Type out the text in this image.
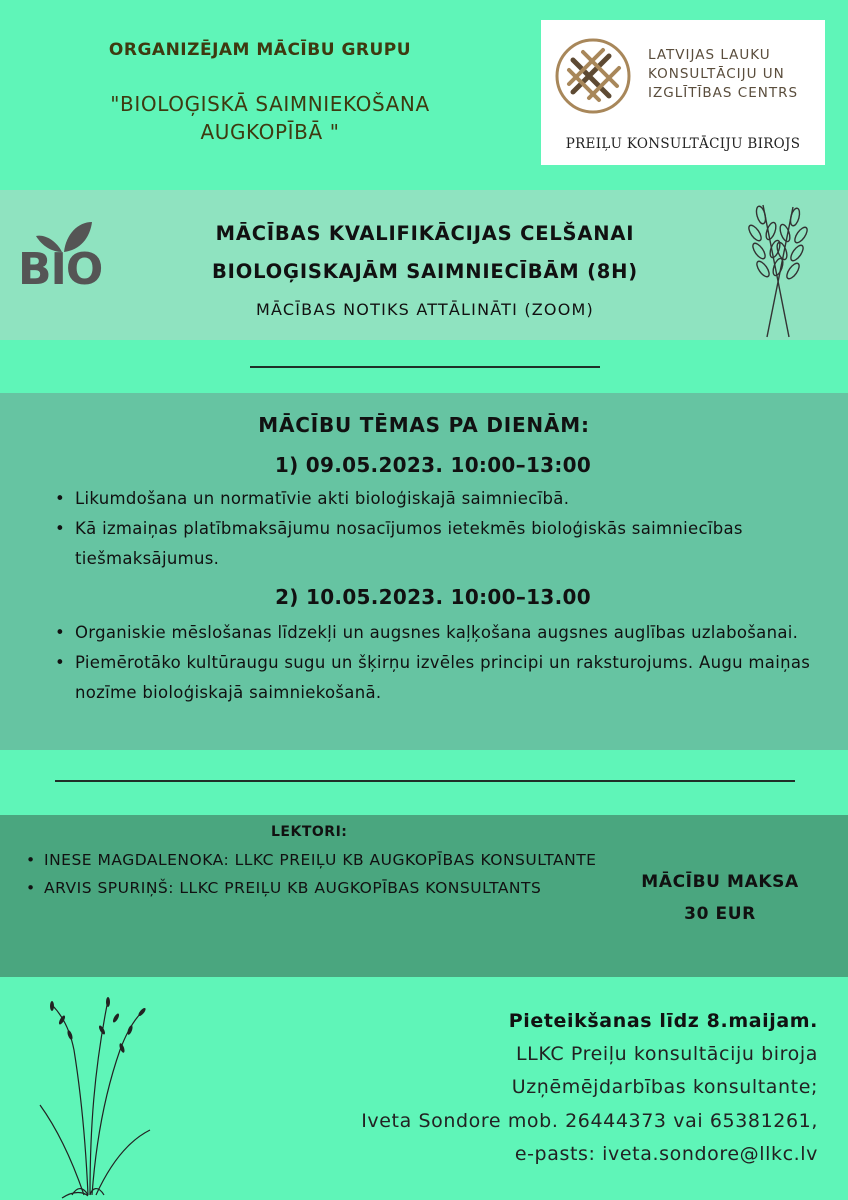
ORGANIZĒJAM MĀCĪBU GRUPU
"BIOLOĢISKĀ SAIMNIEKOŠANA
AUGKOPĪBĀ "
LATVIJAS LAUKU
KONSULTĀCIJU UN
IZGLĪTĪBAS CENTRS
PREIĻU KONSULTĀCIJU BIROJS
BIO
MĀCĪBAS KVALIFIKĀCIJAS CELŠANAI
BIOLOĢISKAJĀM SAIMNIECĪBĀM (8H)
MĀCĪBAS NOTIKS ATTĀLINĀTI (ZOOM)
MĀCĪBU TĒMAS PA DIENĀM:
1) 09.05.2023. 10:00–13:00
• Likumdošana un normatīvie akti bioloģiskajā saimniecībā.
• Kā izmaiņas platībmaksājumu nosacījumos ietekmēs bioloģiskās saimniecības tiešmaksājumus.
2) 10.05.2023. 10:00–13.00
• Organiskie mēslošanas līdzekļi un augsnes kaļķošana augsnes auglības uzlabošanai.
• Piemērotāko kultūraugu sugu un šķirņu izvēles principi un raksturojums. Augu maiņas nozīme bioloģiskajā saimniekošanā.
LEKTORI:
• INESE MAGDALENOKA: LLKC PREIĻU KB AUGKOPĪBAS KONSULTANTE
• ARVIS SPURIŅŠ: LLKC PREIĻU KB AUGKOPĪBAS KONSULTANTS	MĀCĪBU MAKSA
30 EUR
Pieteikšanas līdz 8.maijam.
LLKC Preiļu konsultāciju biroja
Uzņēmējdarbības konsultante;
Iveta Sondore mob. 26444373 vai 65381261,
e-pasts: iveta.sondore@llkc.lv
